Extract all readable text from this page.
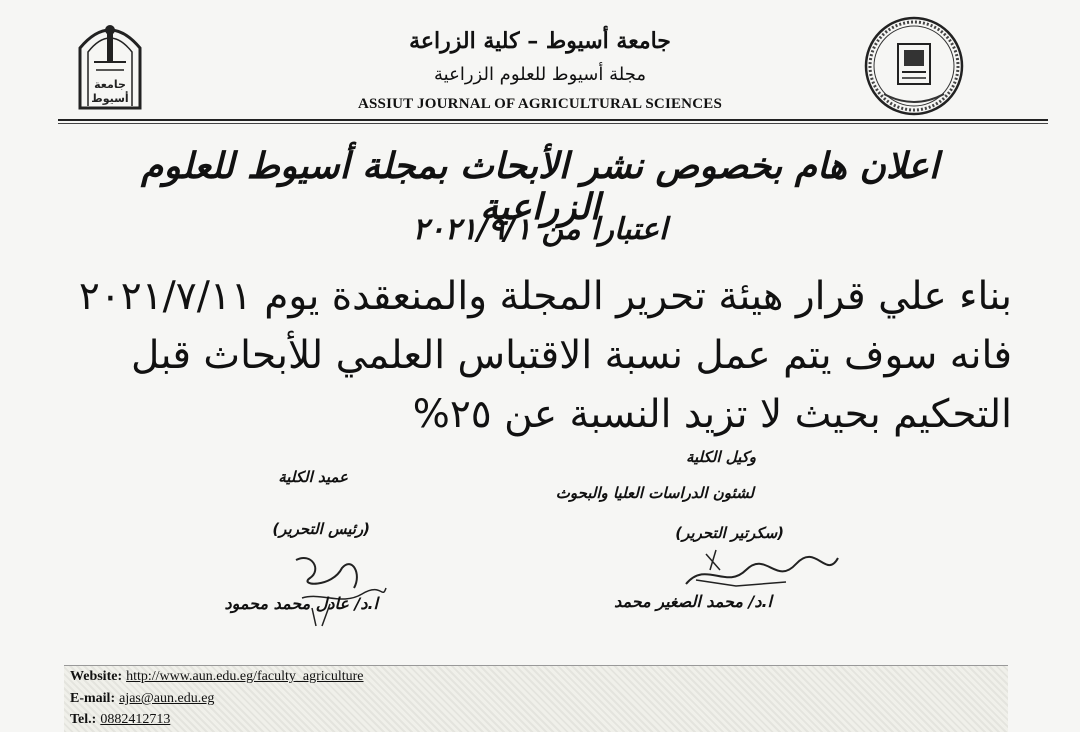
جامعة
أسيوط
جامعة أسيوط – كلية الزراعة
مجلة أسيوط للعلوم الزراعية
ASSIUT JOURNAL OF AGRICULTURAL SCIENCES
اعلان هام بخصوص نشر الأبحاث بمجلة أسيوط للعلوم الزراعية
اعتبارا من ٢٠٢١/٩/١
بناء علي قرار هيئة تحرير المجلة والمنعقدة يوم ٢٠٢١/٧/١١
فانه سوف يتم عمل نسبة الاقتباس العلمي للأبحاث قبل
التحكيم بحيث لا تزيد النسبة عن ٢٥%
وكيل الكلية
لشئون الدراسات العليا والبحوث
(سكرتير التحرير)
ا.د/ محمد الصغير محمد
عميد الكلية
(رئيس التحرير)
ا.د/ عادل محمد محمود
Website: http://www.aun.edu.eg/faculty_agriculture
E-mail: ajas@aun.edu.eg
Tel.: 0882412713
